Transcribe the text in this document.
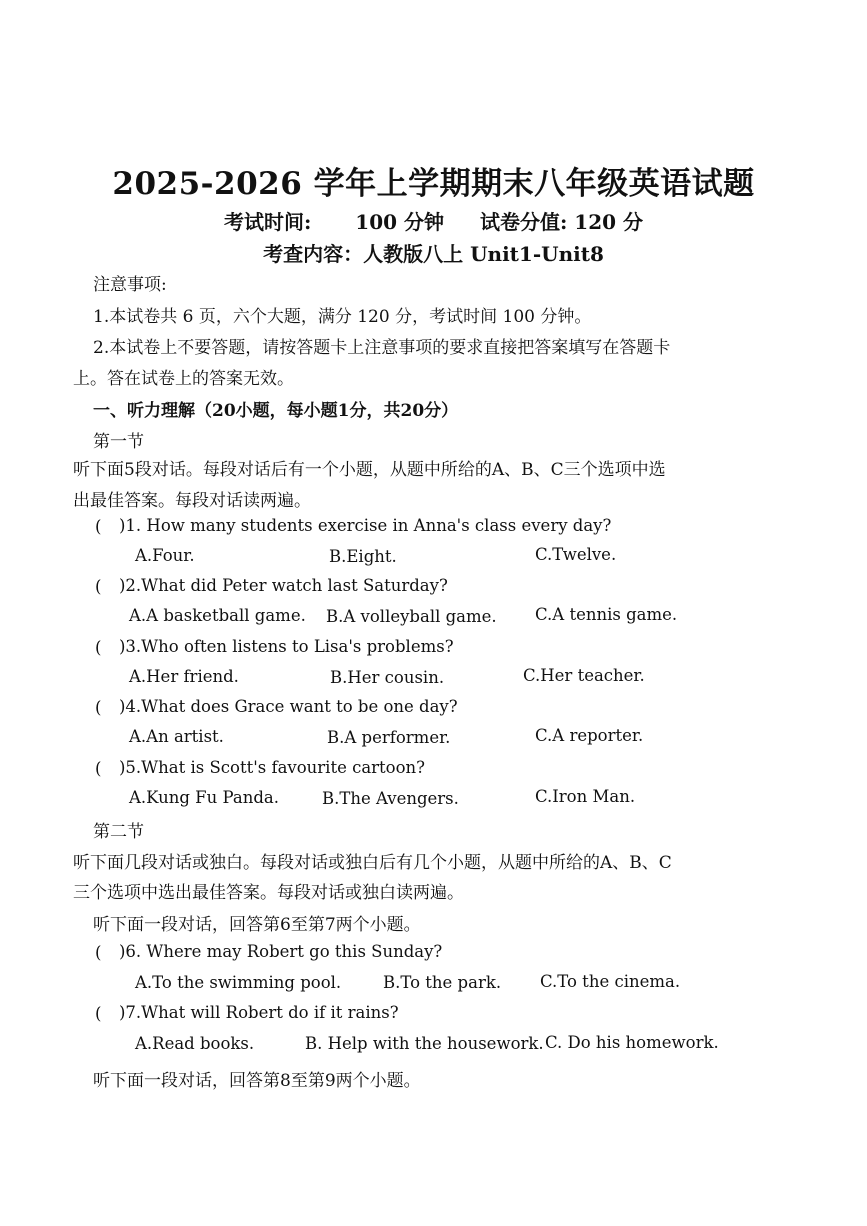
2025-2026 学年上学期期末八年级英语试题
考试时间: 100 分钟 试卷分值: 120 分
考查内容：人教版八上 Unit1-Unit8
注意事项:
1.本试卷共 6 页，六个大题，满分 120 分，考试时间 100 分钟。
2.本试卷上不要答题，请按答题卡上注意事项的要求直接把答案填写在答题卡
上。答在试卷上的答案无效。
一、听力理解（20小题，每小题1分，共20分）
第一节
听下面5段对话。每段对话后有一个小题，从题中所给的A、B、C三个选项中选
出最佳答案。每段对话读两遍。
( )1. How many students exercise in Anna's class every day?
A.Four.	B.Eight.	C.Twelve.
( )2.What did Peter watch last Saturday?
A.A basketball game. B.A volleyball game. C.A tennis game.
( )3.Who often listens to Lisa's problems?
A.Her friend.	B.Her cousin.	C.Her teacher.
( )4.What does Grace want to be one day?
A.An artist.	B.A performer.	C.A reporter.
( )5.What is Scott's favourite cartoon?
A.Kung Fu Panda.	B.The Avengers.	C.Iron Man.
第二节
听下面几段对话或独白。每段对话或独白后有几个小题，从题中所给的A、B、C
三个选项中选出最佳答案。每段对话或独白读两遍。
听下面一段对话，回答第6至第7两个小题。
( )6. Where may Robert go this Sunday?
A.To the swimming pool.	B.To the park. C.To the cinema.
( )7.What will Robert do if it rains?
A.Read books.	B. Help with the housework. C. Do his homework.
听下面一段对话，回答第8至第9两个小题。
